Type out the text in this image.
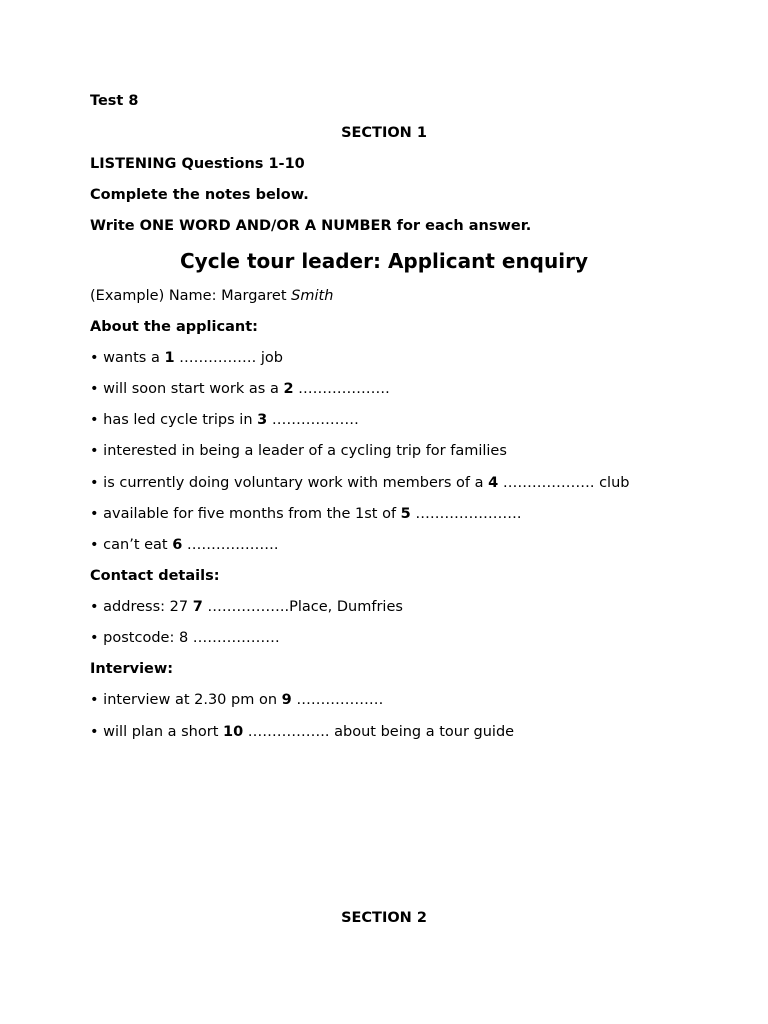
Test 8
SECTION 1
LISTENING Questions 1-10
Complete the notes below.
Write ONE WORD AND/OR A NUMBER for each answer.
Cycle tour leader: Applicant enquiry
(Example) Name: Margaret Smith
About the applicant:
• wants a 1 ……………. job
• will soon start work as a 2 ……………….
• has led cycle trips in 3 ………………
• interested in being a leader of a cycling trip for families
• is currently doing voluntary work with members of a 4 ………………. club
• available for five months from the 1st of 5 ………………….
• can’t eat 6 ……………….
Contact details:
• address: 27 7 ……………..Place, Dumfries
• postcode: 8 ………………
Interview:
• interview at 2.30 pm on 9 ………………
• will plan a short 10 …………….. about being a tour guide
SECTION 2
